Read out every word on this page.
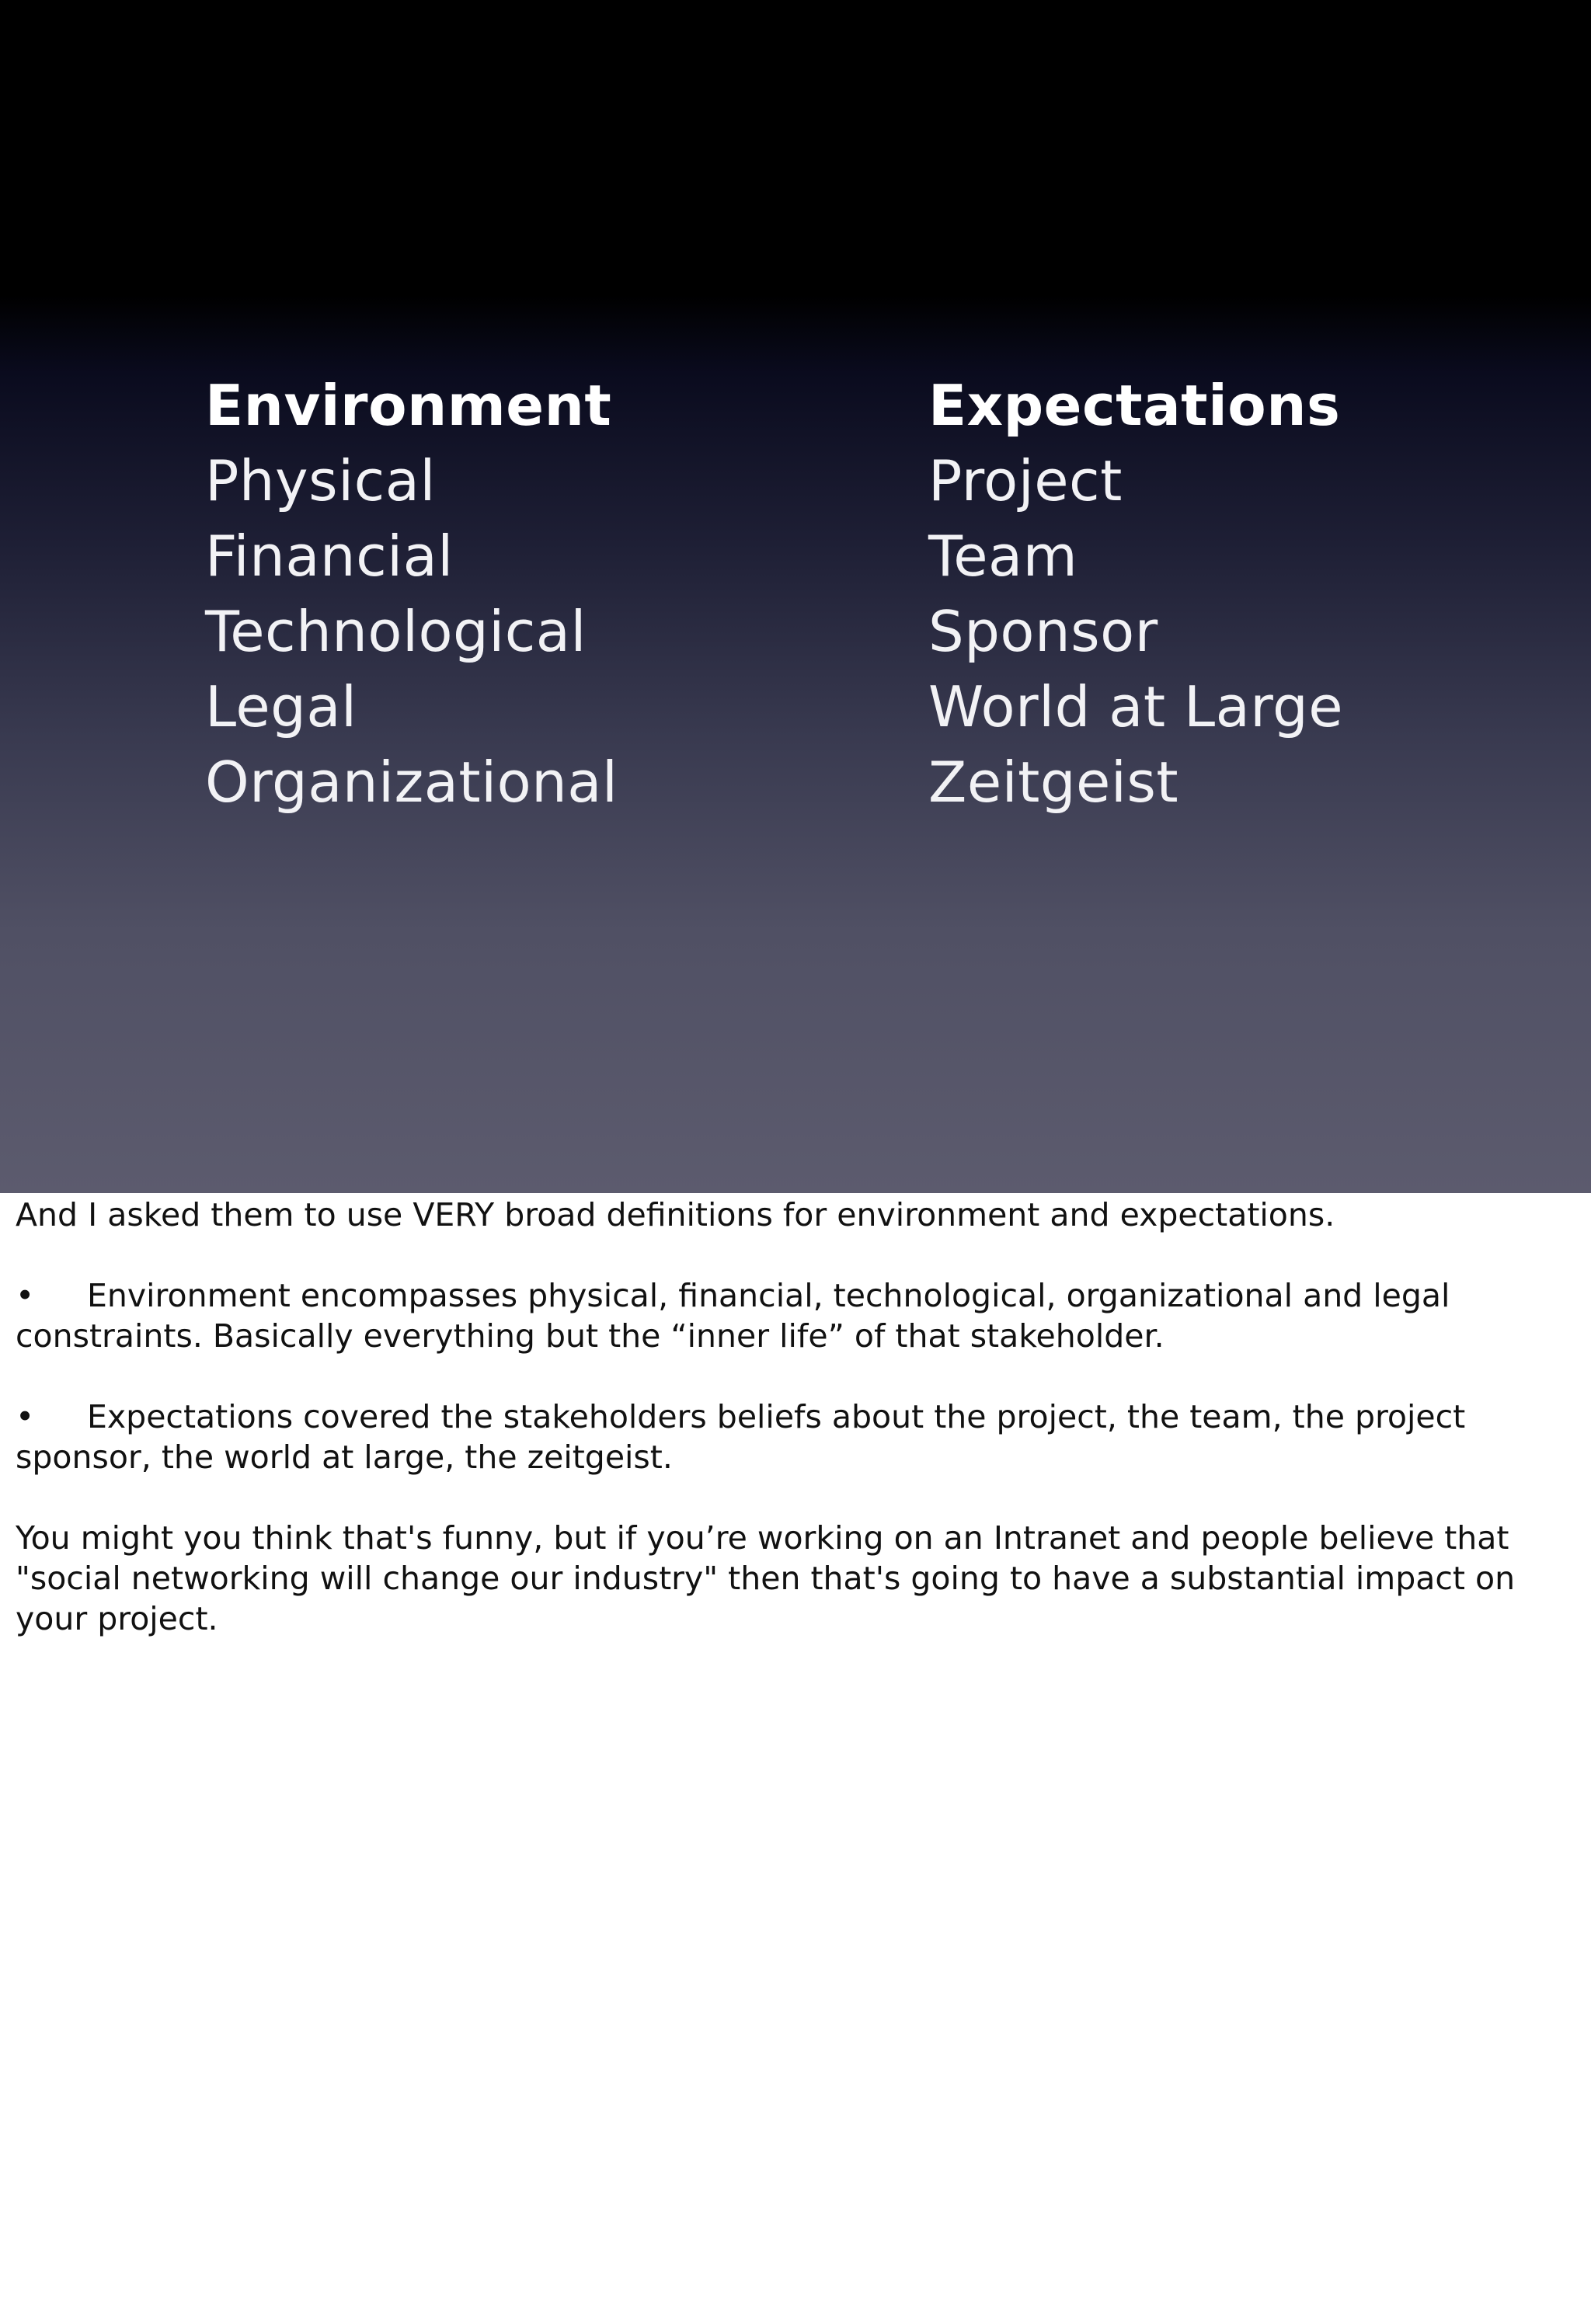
Environment
Physical
Financial
Technological
Legal
Organizational
Expectations
Project
Team
Sponsor
World at Large
Zeitgeist

And I asked them to use VERY broad definitions for environment and expectations.

• Environment encompasses physical, financial, technological, organizational and legal constraints. Basically everything but the “inner life” of that stakeholder.

• Expectations covered the stakeholders beliefs about the project, the team, the project sponsor, the world at large, the zeitgeist.

You might you think that's funny, but if you’re working on an Intranet and people believe that "social networking will change our industry" then that's going to have a substantial impact on your project.
